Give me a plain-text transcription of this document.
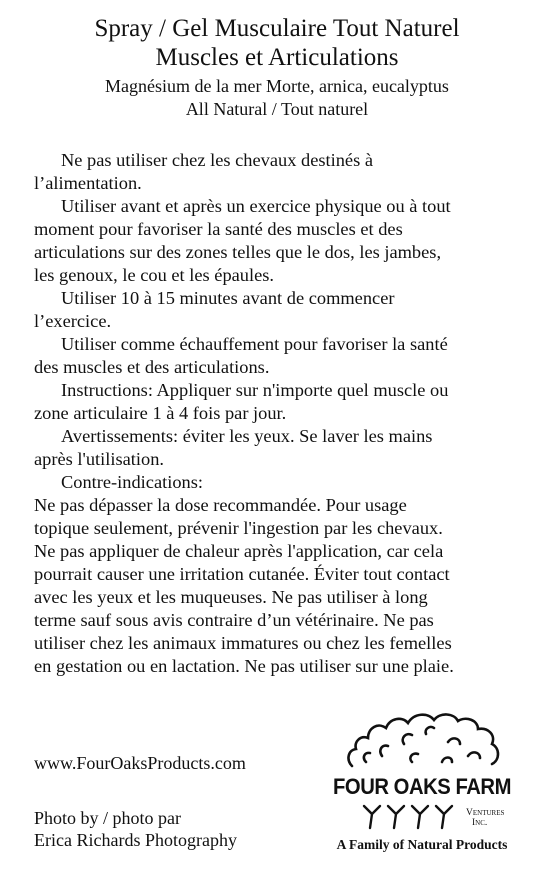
Spray / Gel Musculaire Tout Naturel
Muscles et Articulations
Magnésium de la mer Morte, arnica, eucalyptus
All Natural / Tout naturel
Ne pas utiliser chez les chevaux destinés à
l’alimentation.
Utiliser avant et après un exercice physique ou à tout
moment pour favoriser la santé des muscles et des
articulations sur des zones telles que le dos, les jambes,
les genoux, le cou et les épaules.
Utiliser 10 à 15 minutes avant de commencer
l’exercice.
Utiliser comme échauffement pour favoriser la santé
des muscles et des articulations.
Instructions: Appliquer sur n'importe quel muscle ou
zone articulaire 1 à 4 fois par jour.
Avertissements: éviter les yeux. Se laver les mains
après l'utilisation.
Contre-indications:
Ne pas dépasser la dose recommandée. Pour usage
topique seulement, prévenir l'ingestion par les chevaux.
Ne pas appliquer de chaleur après l'application, car cela
pourrait causer une irritation cutanée. Éviter tout contact
avec les yeux et les muqueuses. Ne pas utiliser à long
terme sauf sous avis contraire d’un vétérinaire. Ne pas
utiliser chez les animaux immatures ou chez les femelles
en gestation ou en lactation. Ne pas utiliser sur une plaie.
www.FourOaksProducts.com
Photo by / photo par
Erica Richards Photography
FOUR OAKS FARM
Ventures
Inc.
A Family of Natural Products
